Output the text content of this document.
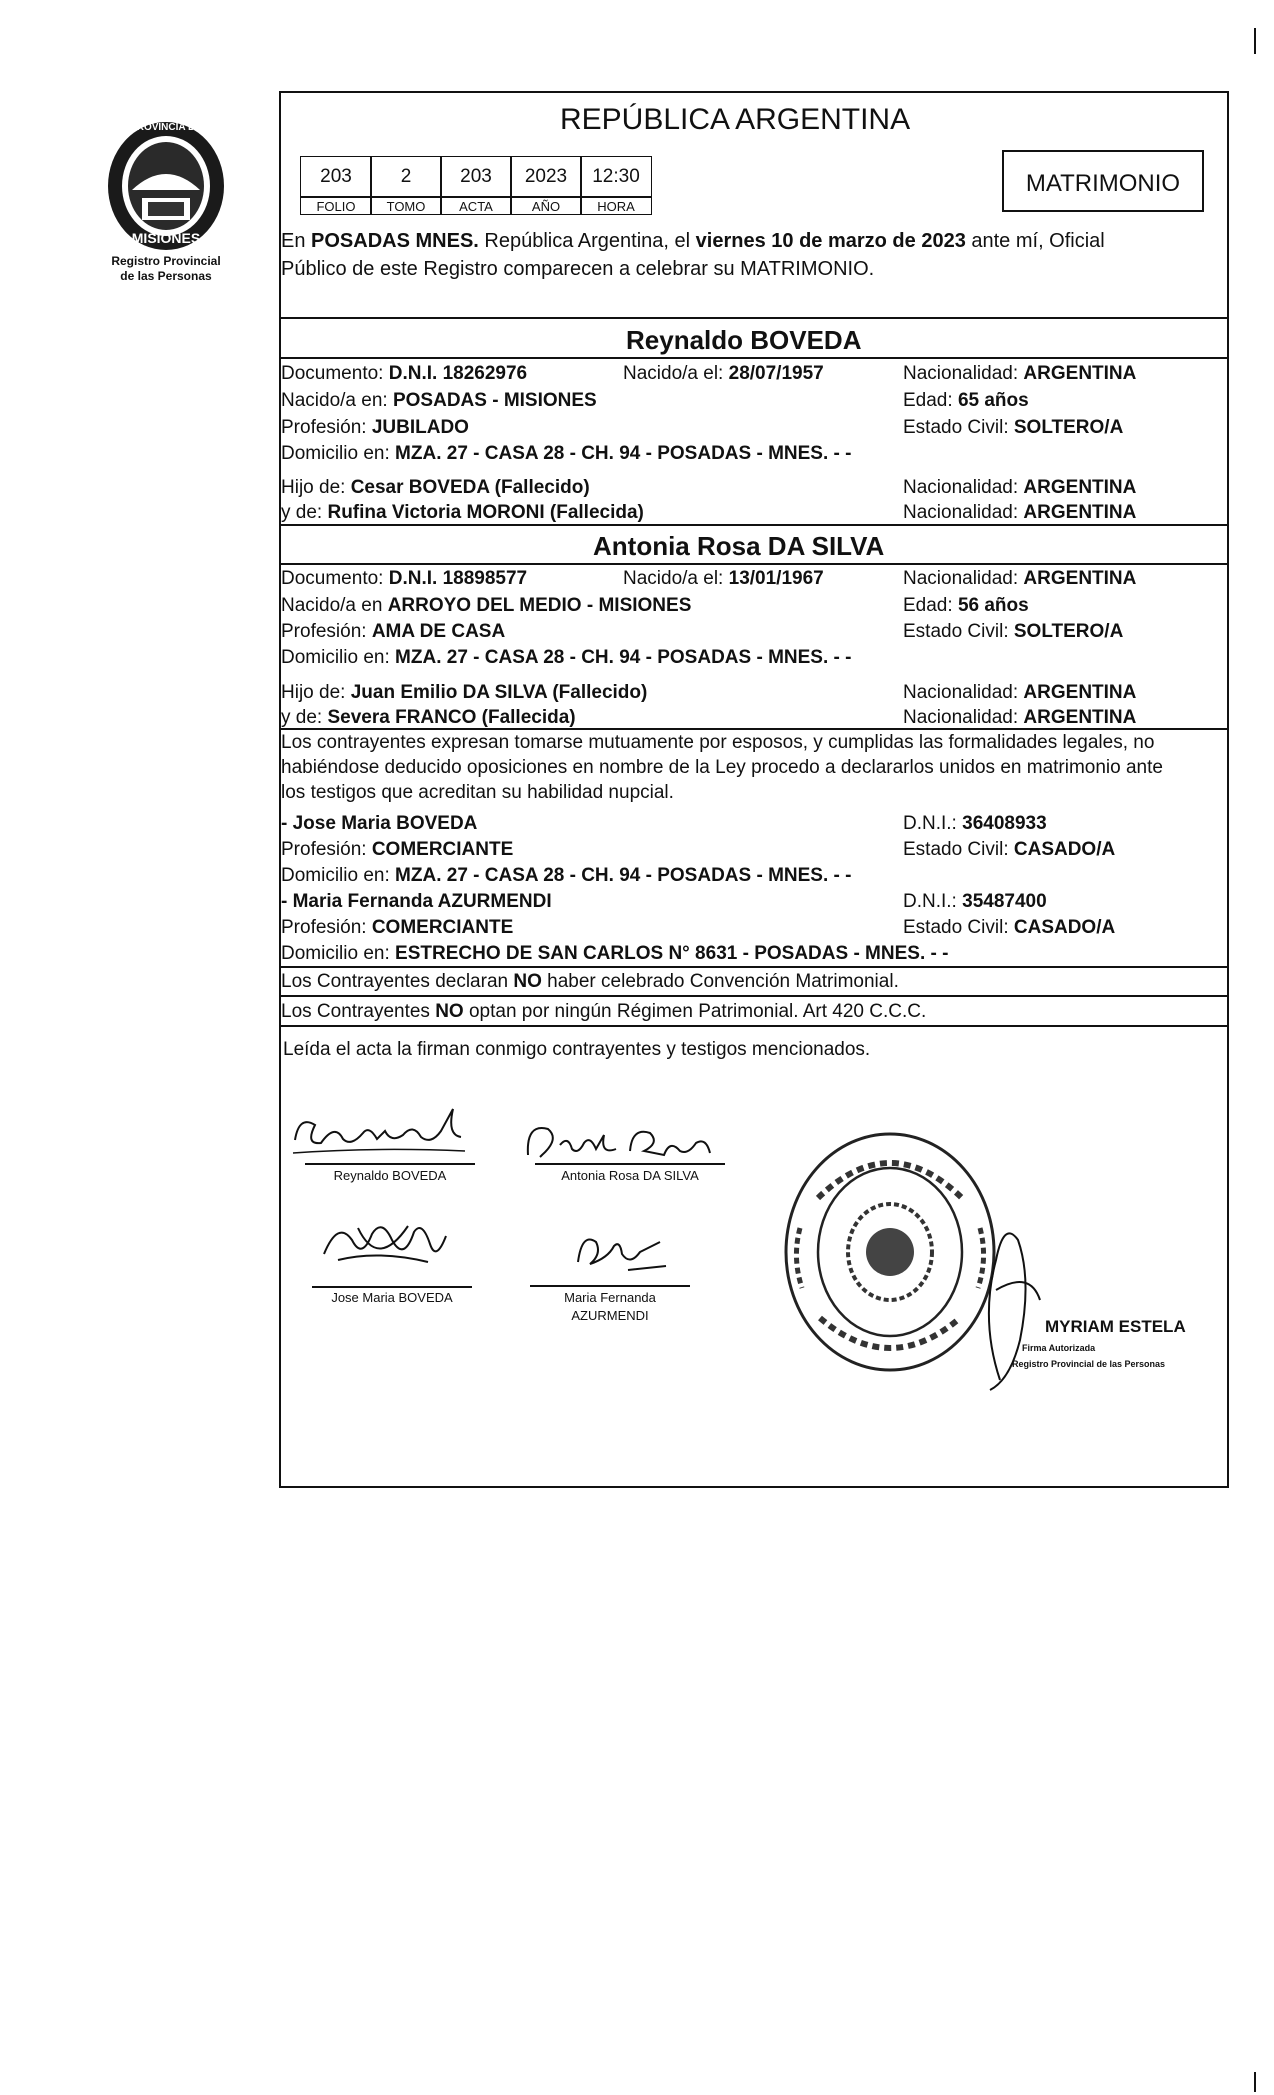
PROVINCIA DE
MISIONES
Registro Provincial
de las Personas
REPÚBLICA ARGENTINA
203	2	203	2023	12:30
FOLIO	TOMO	ACTA	AÑO	HORA
MATRIMONIO
En POSADAS MNES. República Argentina, el viernes 10 de marzo de 2023 ante mí, Oficial
Público de este Registro comparecen a celebrar su MATRIMONIO.
Reynaldo BOVEDA
Documento: D.N.I. 18262976	Nacido/a el: 28/07/1957	Nacionalidad: ARGENTINA
Nacido/a en: POSADAS - MISIONES	Edad: 65 años
Profesión: JUBILADO	Estado Civil: SOLTERO/A
Domicilio en: MZA. 27 - CASA 28 - CH. 94 - POSADAS - MNES. - -
Hijo de: Cesar BOVEDA (Fallecido)	Nacionalidad: ARGENTINA
y de: Rufina Victoria MORONI (Fallecida)	Nacionalidad: ARGENTINA
Antonia Rosa DA SILVA
Documento: D.N.I. 18898577	Nacido/a el: 13/01/1967	Nacionalidad: ARGENTINA
Nacido/a en ARROYO DEL MEDIO - MISIONES	Edad: 56 años
Profesión: AMA DE CASA	Estado Civil: SOLTERO/A
Domicilio en: MZA. 27 - CASA 28 - CH. 94 - POSADAS - MNES. - -
Hijo de: Juan Emilio DA SILVA (Fallecido)	Nacionalidad: ARGENTINA
y de: Severa FRANCO (Fallecida)	Nacionalidad: ARGENTINA
Los contrayentes expresan tomarse mutuamente por esposos, y cumplidas las formalidades legales, no
habiéndose deducido oposiciones en nombre de la Ley procedo a declararlos unidos en matrimonio ante
los testigos que acreditan su habilidad nupcial.
- Jose Maria BOVEDA	D.N.I.: 36408933
Profesión: COMERCIANTE	Estado Civil: CASADO/A
Domicilio en: MZA. 27 - CASA 28 - CH. 94 - POSADAS - MNES. - -
- Maria Fernanda AZURMENDI	D.N.I.: 35487400
Profesión: COMERCIANTE	Estado Civil: CASADO/A
Domicilio en: ESTRECHO DE SAN CARLOS N° 8631 - POSADAS - MNES. - -
Los Contrayentes declaran NO haber celebrado Convención Matrimonial.
Los Contrayentes NO optan por ningún Régimen Patrimonial. Art 420 C.C.C.
Leída el acta la firman conmigo contrayentes y testigos mencionados.
Reynaldo BOVEDA	Antonia Rosa DA SILVA
Jose Maria BOVEDA	Maria Fernanda
AZURMENDI
MYRIAM ESTELA
Firma Autorizada
Registro Provincial de las Personas
